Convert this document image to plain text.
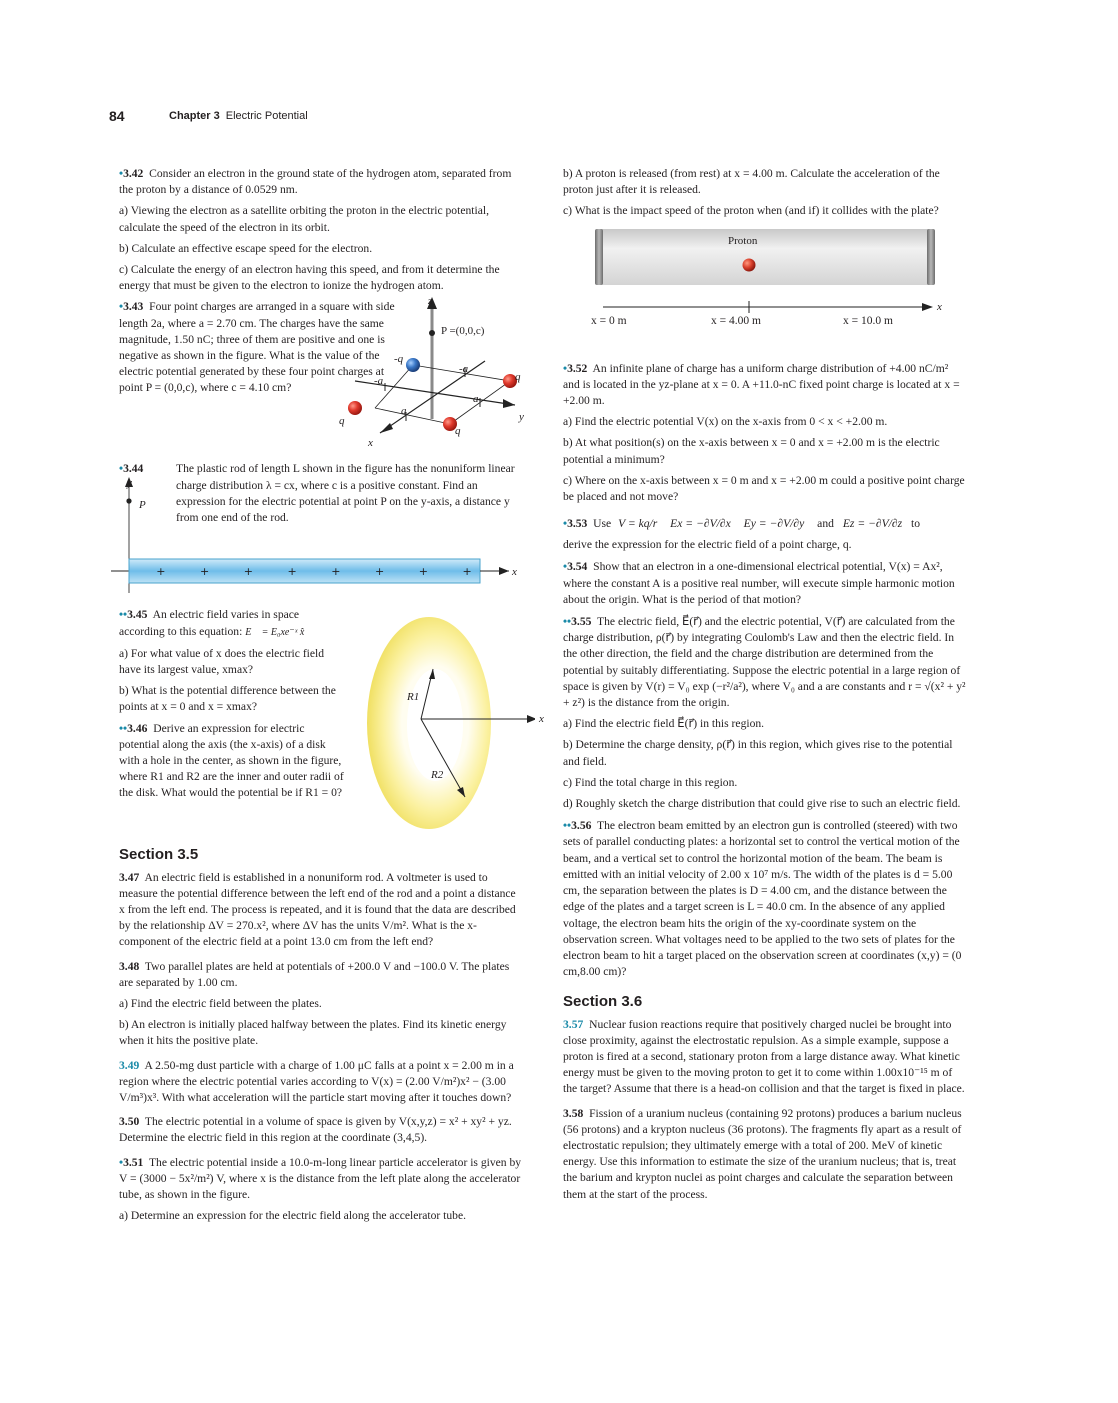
84	Chapter 3 Electric Potential

•3.42 Consider an electron in the ground state of the hydrogen atom, separated from the proton by a distance of 0.0529 nm.

a) Viewing the electron as a satellite orbiting the proton in the electric potential, calculate the speed of the electron in its orbit.

b) Calculate an effective escape speed for the electron.

c) Calculate the energy of an electron having this speed, and from it determine the energy that must be given to the electron to ionize the hydrogen atom.

•3.43 Four point charges are arranged in a square with side length 2a, where a = 2.70 cm. The charges have the same magnitude, 1.50 nC; three of them are positive and one is negative as shown in the figure. What is the value of the electric potential generated by these four point charges at point P = (0,0,c), where c = 4.10 cm?

z
P =(0,0,c)
-q
-a
-a
q
a
a
q	y
q
x

•3.44	The plastic rod of length L shown in the figure has the nonuniform linear charge distribution λ = cx, where c is a positive constant. Find an expression for the electric potential at point P on the y-axis, a distance y from one end of the rod.

y
P
x
+	+	+	+	+	+	+	+

••3.45 An electric field varies in space according to this equation: E⃗ = E₀xe⁻ˣ x̂

a) For what value of x does the electric field have its largest value, xmax?

b) What is the potential difference between the points at x = 0 and x = xmax?

••3.46 Derive an expression for electric potential along the axis (the x-axis) of a disk with a hole in the center, as shown in the figure, where R1 and R2 are the inner and outer radii of the disk. What would the potential be if R1 = 0?

R1
R2
x
Section 3.5

3.47 An electric field is established in a nonuniform rod. A voltmeter is used to measure the potential difference between the left end of the rod and a point a distance x from the left end. The process is repeated, and it is found that the data are described by the relationship ΔV = 270.x², where ΔV has the units V/m². What is the x-component of the electric field at a point 13.0 cm from the left end?

3.48 Two parallel plates are held at potentials of +200.0 V and −100.0 V. The plates are separated by 1.00 cm.

a) Find the electric field between the plates.

b) An electron is initially placed halfway between the plates. Find its kinetic energy when it hits the positive plate.

3.49 A 2.50-mg dust particle with a charge of 1.00 μC falls at a point x = 2.00 m in a region where the electric potential varies according to V(x) = (2.00 V/m²)x² − (3.00 V/m³)x³. With what acceleration will the particle start moving after it touches down?

3.50 The electric potential in a volume of space is given by V(x,y,z) = x² + xy² + yz. Determine the electric field in this region at the coordinate (3,4,5).

•3.51 The electric potential inside a 10.0-m-long linear particle accelerator is given by V = (3000 − 5x²/m²) V, where x is the distance from the left plate along the accelerator tube, as shown in the figure.

a) Determine an expression for the electric field along the accelerator tube.

b) A proton is released (from rest) at x = 4.00 m. Calculate the acceleration of the proton just after it is released.

c) What is the impact speed of the proton when (and if) it collides with the plate?

Proton
x
x = 0 m	x = 4.00 m	x = 10.0 m

•3.52 An infinite plane of charge has a uniform charge distribution of +4.00 nC/m² and is located in the yz-plane at x = 0. A +11.0-nC fixed point charge is located at x = +2.00 m.

a) Find the electric potential V(x) on the x-axis from 0 < x < +2.00 m.

b) At what position(s) on the x-axis between x = 0 and x = +2.00 m is the electric potential a minimum?

c) Where on the x-axis between x = 0 m and x = +2.00 m could a positive point charge be placed and not move?

•3.53 Use V = kq/r Ex = −∂V/∂x Ey = −∂V/∂y and Ez = −∂V/∂z to

derive the expression for the electric field of a point charge, q.

•3.54 Show that an electron in a one-dimensional electrical potential, V(x) = Ax², where the constant A is a positive real number, will execute simple harmonic motion about the origin. What is the period of that motion?

••3.55 The electric field, E⃗(r⃗) and the electric potential, V(r⃗) are calculated from the charge distribution, ρ(r⃗) by integrating Coulomb's Law and then the electric field. In the other direction, the field and the charge distribution are determined from the potential by suitably differentiating. Suppose the electric potential in a large region of space is given by V(r) = V₀ exp (−r²/a²), where V₀ and a are constants and r = √(x² + y² + z²) is the distance from the origin.

a) Find the electric field E⃗(r⃗) in this region.

b) Determine the charge density, ρ(r⃗) in this region, which gives rise to the potential and field.

c) Find the total charge in this region.

d) Roughly sketch the charge distribution that could give rise to such an electric field.

••3.56 The electron beam emitted by an electron gun is controlled (steered) with two sets of parallel conducting plates: a horizontal set to control the vertical motion of the beam, and a vertical set to control the horizontal motion of the beam. The beam is emitted with an initial velocity of 2.00 x 10⁷ m/s. The width of the plates is d = 5.00 cm, the separation between the plates is D = 4.00 cm, and the distance between the edge of the plates and a target screen is L = 40.0 cm. In the absence of any applied voltage, the electron beam hits the origin of the xy-coordinate system on the observation screen. What voltages need to be applied to the two sets of plates for the electron beam to hit a target placed on the observation screen at coordinates (x,y) = (0 cm,8.00 cm)?

Section 3.6

3.57 Nuclear fusion reactions require that positively charged nuclei be brought into close proximity, against the electrostatic repulsion. As a simple example, suppose a proton is fired at a second, stationary proton from a large distance away. What kinetic energy must be given to the moving proton to get it to come within 1.00x10⁻¹⁵ m of the target? Assume that there is a head-on collision and that the target is fixed in place.

3.58 Fission of a uranium nucleus (containing 92 protons) produces a barium nucleus (56 protons) and a krypton nucleus (36 protons). The fragments fly apart as a result of electrostatic repulsion; they ultimately emerge with a total of 200. MeV of kinetic energy. Use this information to estimate the size of the uranium nucleus; that is, treat the barium and krypton nuclei as point charges and calculate the separation between them at the start of the process.
